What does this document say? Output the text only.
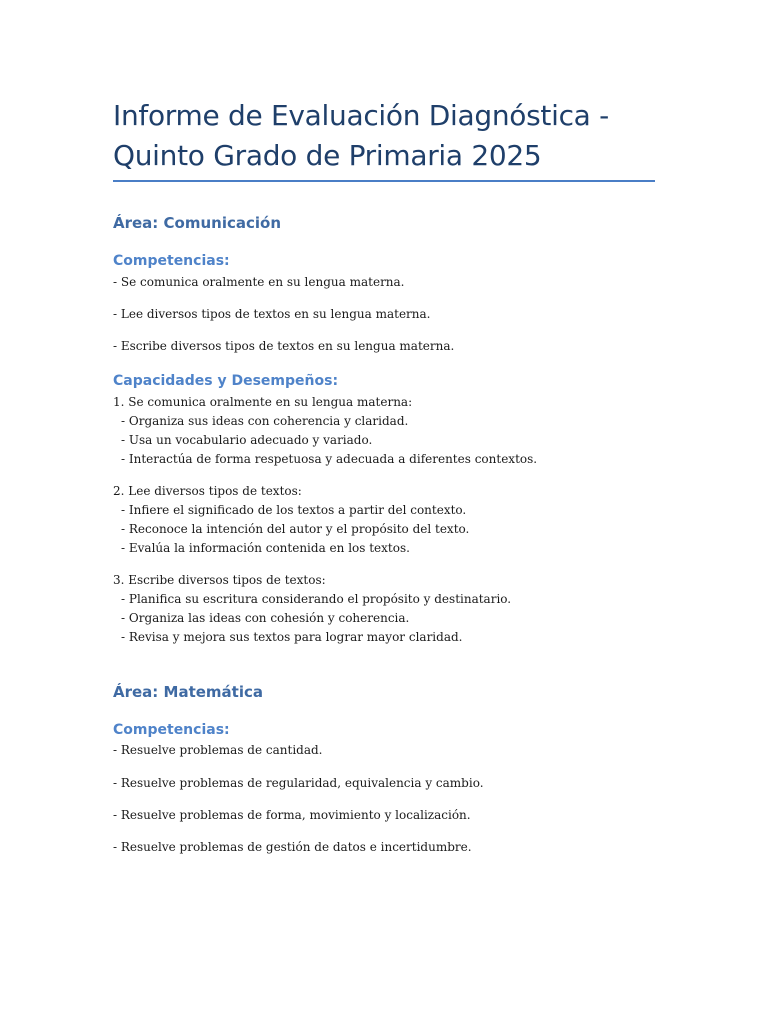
Informe de Evaluación Diagnóstica -
Quinto Grado de Primaria 2025
Área: Comunicación
Competencias:

- Se comunica oralmente en su lengua materna.

- Lee diversos tipos de textos en su lengua materna.

- Escribe diversos tipos de textos en su lengua materna.

Capacidades y Desempeños:

1. Se comunica oralmente en su lengua materna:

- Organiza sus ideas con coherencia y claridad.

- Usa un vocabulario adecuado y variado.

- Interactúa de forma respetuosa y adecuada a diferentes contextos.

2. Lee diversos tipos de textos:

- Infiere el significado de los textos a partir del contexto.

- Reconoce la intención del autor y el propósito del texto.

- Evalúa la información contenida en los textos.

3. Escribe diversos tipos de textos:

- Planifica su escritura considerando el propósito y destinatario.

- Organiza las ideas con cohesión y coherencia.

- Revisa y mejora sus textos para lograr mayor claridad.

Área: Matemática
Competencias:

- Resuelve problemas de cantidad.

- Resuelve problemas de regularidad, equivalencia y cambio.

- Resuelve problemas de forma, movimiento y localización.

- Resuelve problemas de gestión de datos e incertidumbre.
